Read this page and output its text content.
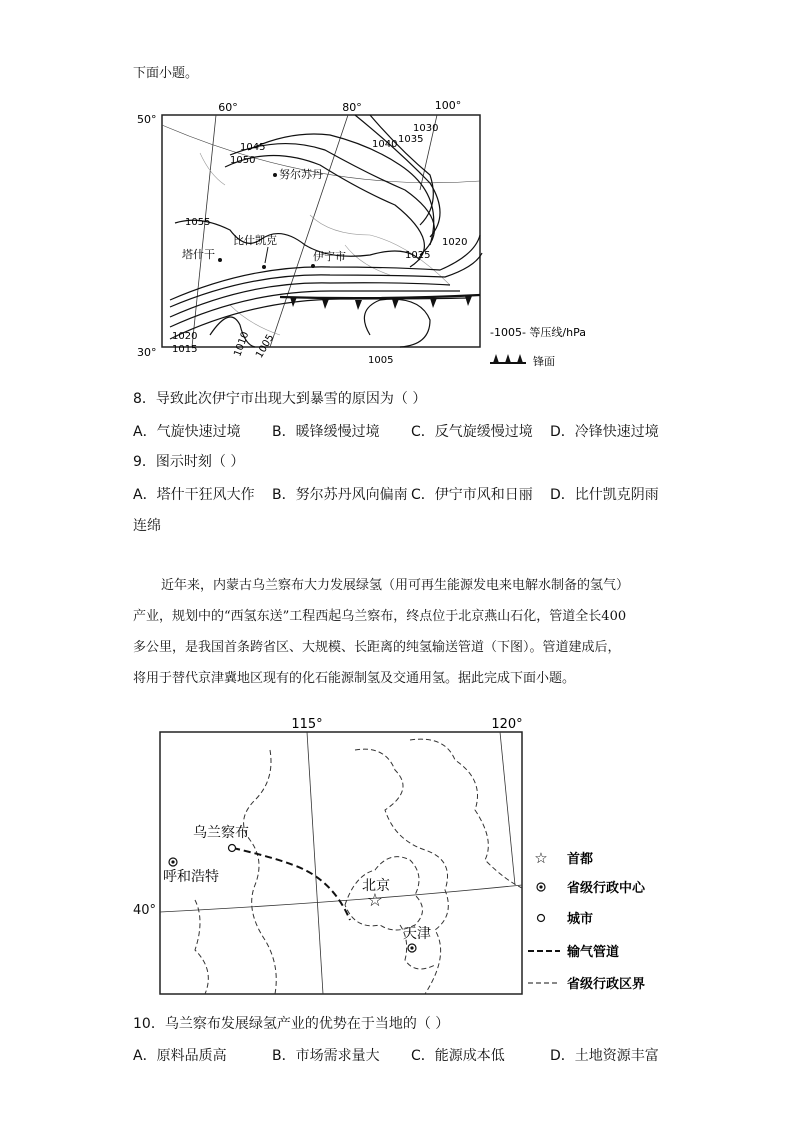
下面小题。
60°	80°	100°
50°
30°
1030
1035
1040
1045
1050
1055
1025
1020
1020
1015	1010 1005
1005
努尔苏丹
比什凯克
塔什干	伊宁市
-1005- 等压线/hPa
锋面
8．导致此次伊宁市出现大到暴雪的原因为（ ）
A．气旋快速过境 B．暖锋缓慢过境 C．反气旋缓慢过境 D．冷锋快速过境
9．图示时刻（ ）
A．塔什干狂风大作 B．努尔苏丹风向偏南 C．伊宁市风和日丽 D．比什凯克阴雨
连绵
近年来，内蒙古乌兰察布大力发展绿氢（用可再生能源发电来电解水制备的氢气）
产业，规划中的“西氢东送”工程西起乌兰察布，终点位于北京燕山石化，管道全长400
多公里，是我国首条跨省区、大规模、长距离的纯氢输送管道（下图）。管道建成后，
将用于替代京津冀地区现有的化石能源制氢及交通用氢。据此完成下面小题。
115°	120°
乌兰察布
呼和浩特
☆
北京
天津
☆ 首都
省级行政中心
城市
输气管道
省级行政区界
40°
10．乌兰察布发展绿氢产业的优势在于当地的（ ）
A．原料品质高	B．市场需求量大 C．能源成本低	D．土地资源丰富
